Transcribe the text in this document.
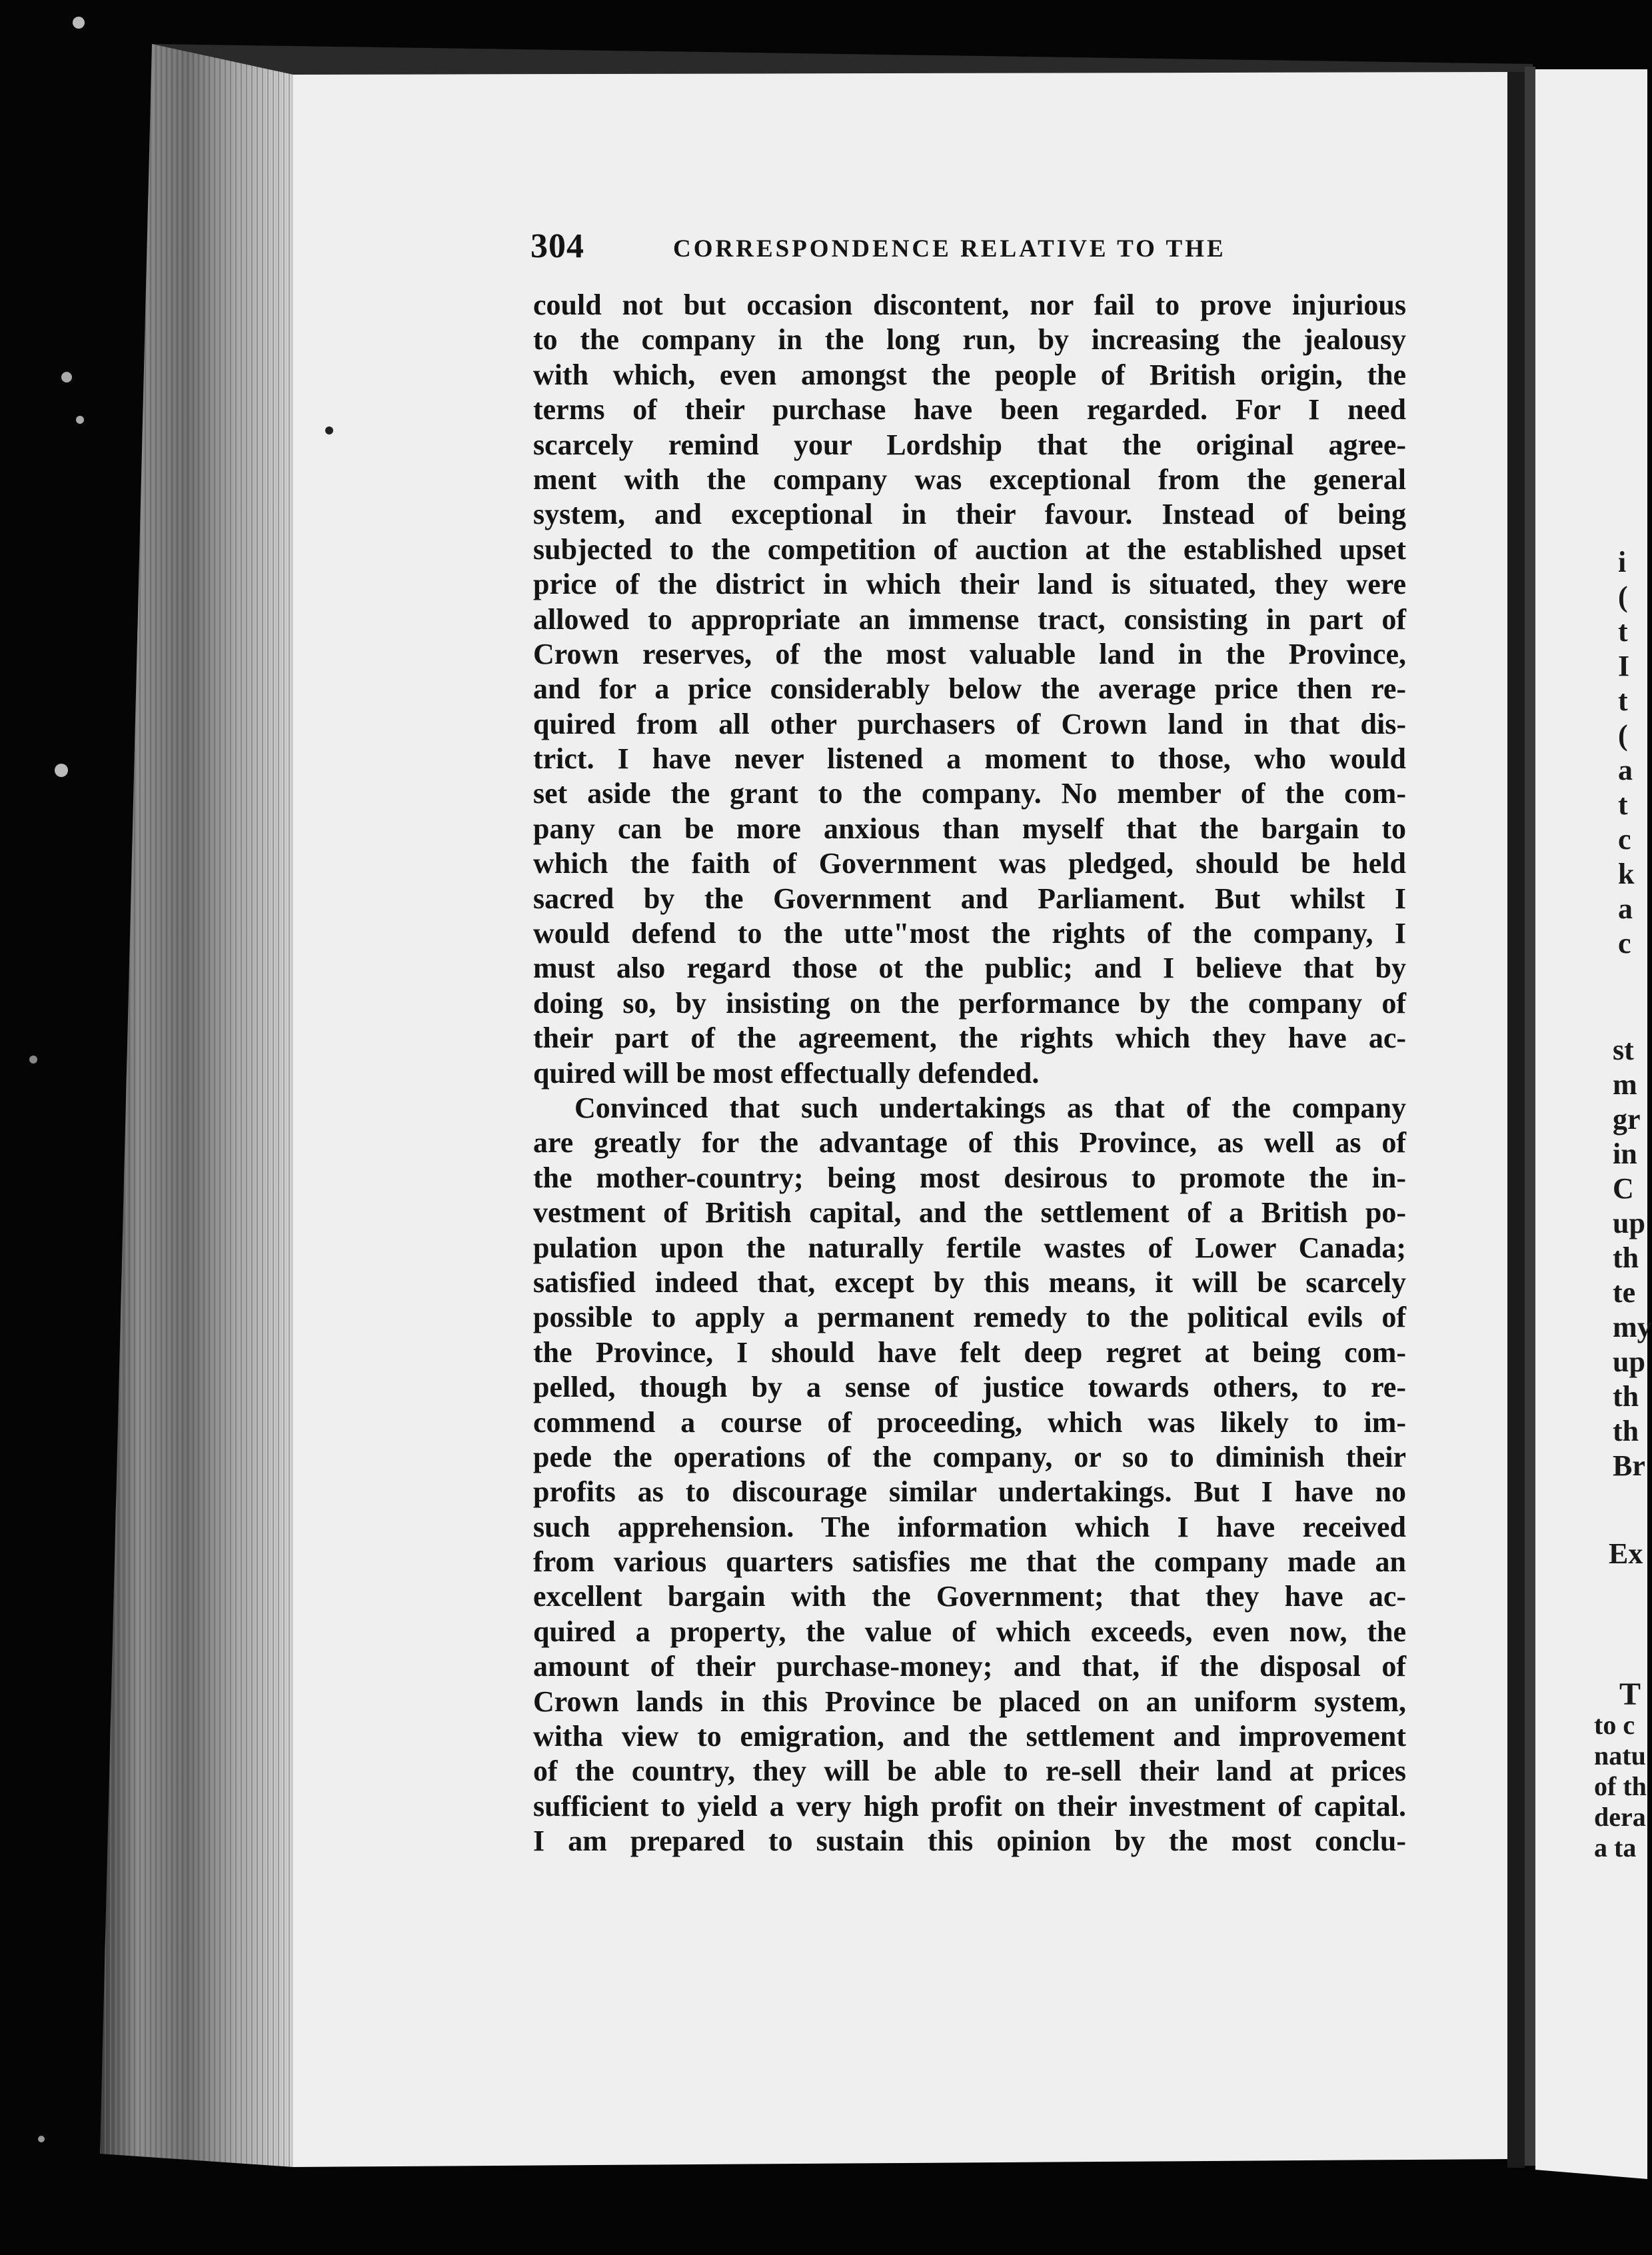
304	CORRESPONDENCE RELATIVE TO THE
could not but occasion discontent, nor fail to prove injurious
to the company in the long run, by increasing the jealousy
with which, even amongst the people of British origin, the
terms of their purchase have been regarded. For I need
scarcely remind your Lordship that the original agree-
ment with the company was exceptional from the general
system, and exceptional in their favour. Instead of being
subjected to the competition of auction at the established upset
price of the district in which their land is situated, they were
allowed to appropriate an immense tract, consisting in part of
Crown reserves, of the most valuable land in the Province,
and for a price considerably below the average price then re-
quired from all other purchasers of Crown land in that dis-
trict. I have never listened a moment to those, who would
set aside the grant to the company. No member of the com-
pany can be more anxious than myself that the bargain to
which the faith of Government was pledged, should be held
sacred by the Government and Parliament. But whilst I
would defend to the utte"most the rights of the company, I
must also regard those ot the public; and I believe that by
doing so, by insisting on the performance by the company of
their part of the agreement, the rights which they have ac-
quired will be most effectually defended.
Convinced that such undertakings as that of the company
are greatly for the advantage of this Province, as well as of
the mother-country; being most desirous to promote the in-
vestment of British capital, and the settlement of a British po-
pulation upon the naturally fertile wastes of Lower Canada;
satisfied indeed that, except by this means, it will be scarcely
possible to apply a permanent remedy to the political evils of
the Province, I should have felt deep regret at being com-
pelled, though by a sense of justice towards others, to re-
commend a course of proceeding, which was likely to im-
pede the operations of the company, or so to diminish their
profits as to discourage similar undertakings. But I have no
such apprehension. The information which I have received
from various quarters satisfies me that the company made an
excellent bargain with the Government; that they have ac-
quired a property, the value of which exceeds, even now, the
amount of their purchase-money; and that, if the disposal of
Crown lands in this Province be placed on an uniform system,
witha view to emigration, and the settlement and improvement
of the country, they will be able to re-sell their land at prices
sufficient to yield a very high profit on their investment of capital.
I am prepared to sustain this opinion by the most conclu-
i
(
t
I
t
(
a
t
c
k
a
c
st
m
gr
in
C
up
th
te
my
up
th
th
Br
Ex
T
to c
natu
of th
dera
a ta
